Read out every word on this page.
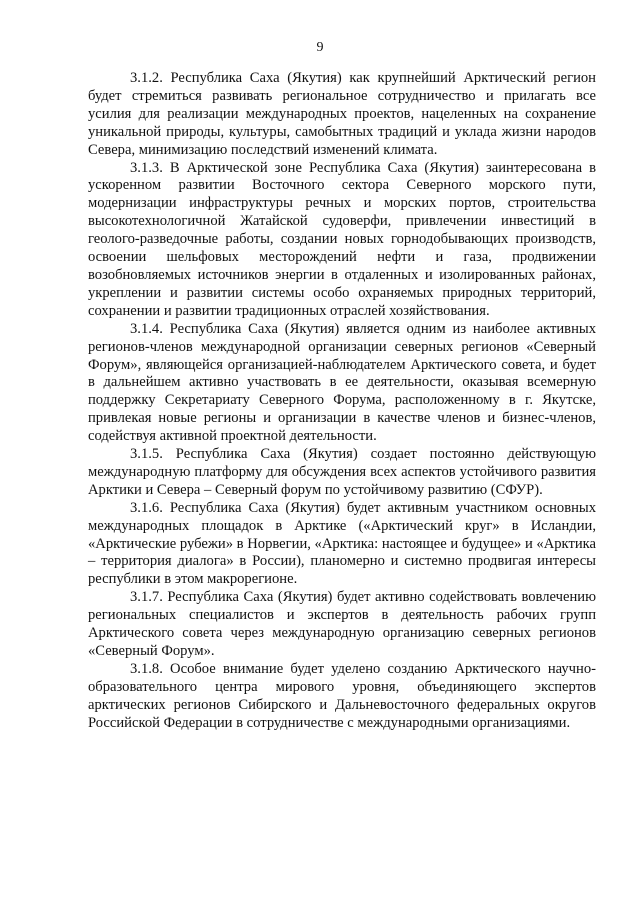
9

3.1.2. Республика Саха (Якутия) как крупнейший Арктический регион будет стремиться развивать региональное сотрудничество и прилагать все усилия для реализации международных проектов, нацеленных на сохранение уникальной природы, культуры, самобытных традиций и уклада жизни народов Севера, минимизацию последствий изменений климата.

3.1.3. В Арктической зоне Республика Саха (Якутия) заинтересована в ускоренном развитии Восточного сектора Северного морского пути, модернизации инфраструктуры речных и морских портов, строительства высокотехнологичной Жатайской судоверфи, привлечении инвестиций в геолого-разведочные работы, создании новых горнодобывающих производств, освоении шельфовых месторождений нефти и газа, продвижении возобновляемых источников энергии в отдаленных и изолированных районах, укреплении и развитии системы особо охраняемых природных территорий, сохранении и развитии традиционных отраслей хозяйствования.

3.1.4. Республика Саха (Якутия) является одним из наиболее активных регионов-членов международной организации северных регионов «Северный Форум», являющейся организацией-наблюдателем Арктического совета, и будет в дальнейшем активно участвовать в ее деятельности, оказывая всемерную поддержку Секретариату Северного Форума, расположенному в г. Якутске, привлекая новые регионы и организации в качестве членов и бизнес-членов, содействуя активной проектной деятельности.

3.1.5. Республика Саха (Якутия) создает постоянно действующую международную платформу для обсуждения всех аспектов устойчивого развития Арктики и Севера – Северный форум по устойчивому развитию (СФУР).

3.1.6. Республика Саха (Якутия) будет активным участником основных международных площадок в Арктике («Арктический круг» в Исландии, «Арктические рубежи» в Норвегии, «Арктика: настоящее и будущее» и «Арктика – территория диалога» в России), планомерно и системно продвигая интересы республики в этом макрорегионе.

3.1.7. Республика Саха (Якутия) будет активно содействовать вовлечению региональных специалистов и экспертов в деятельность рабочих групп Арктического совета через международную организацию северных регионов «Северный Форум».

3.1.8. Особое внимание будет уделено созданию Арктического научно-образовательного центра мирового уровня, объединяющего экспертов арктических регионов Сибирского и Дальневосточного федеральных округов Российской Федерации в сотрудничестве с международными организациями.
